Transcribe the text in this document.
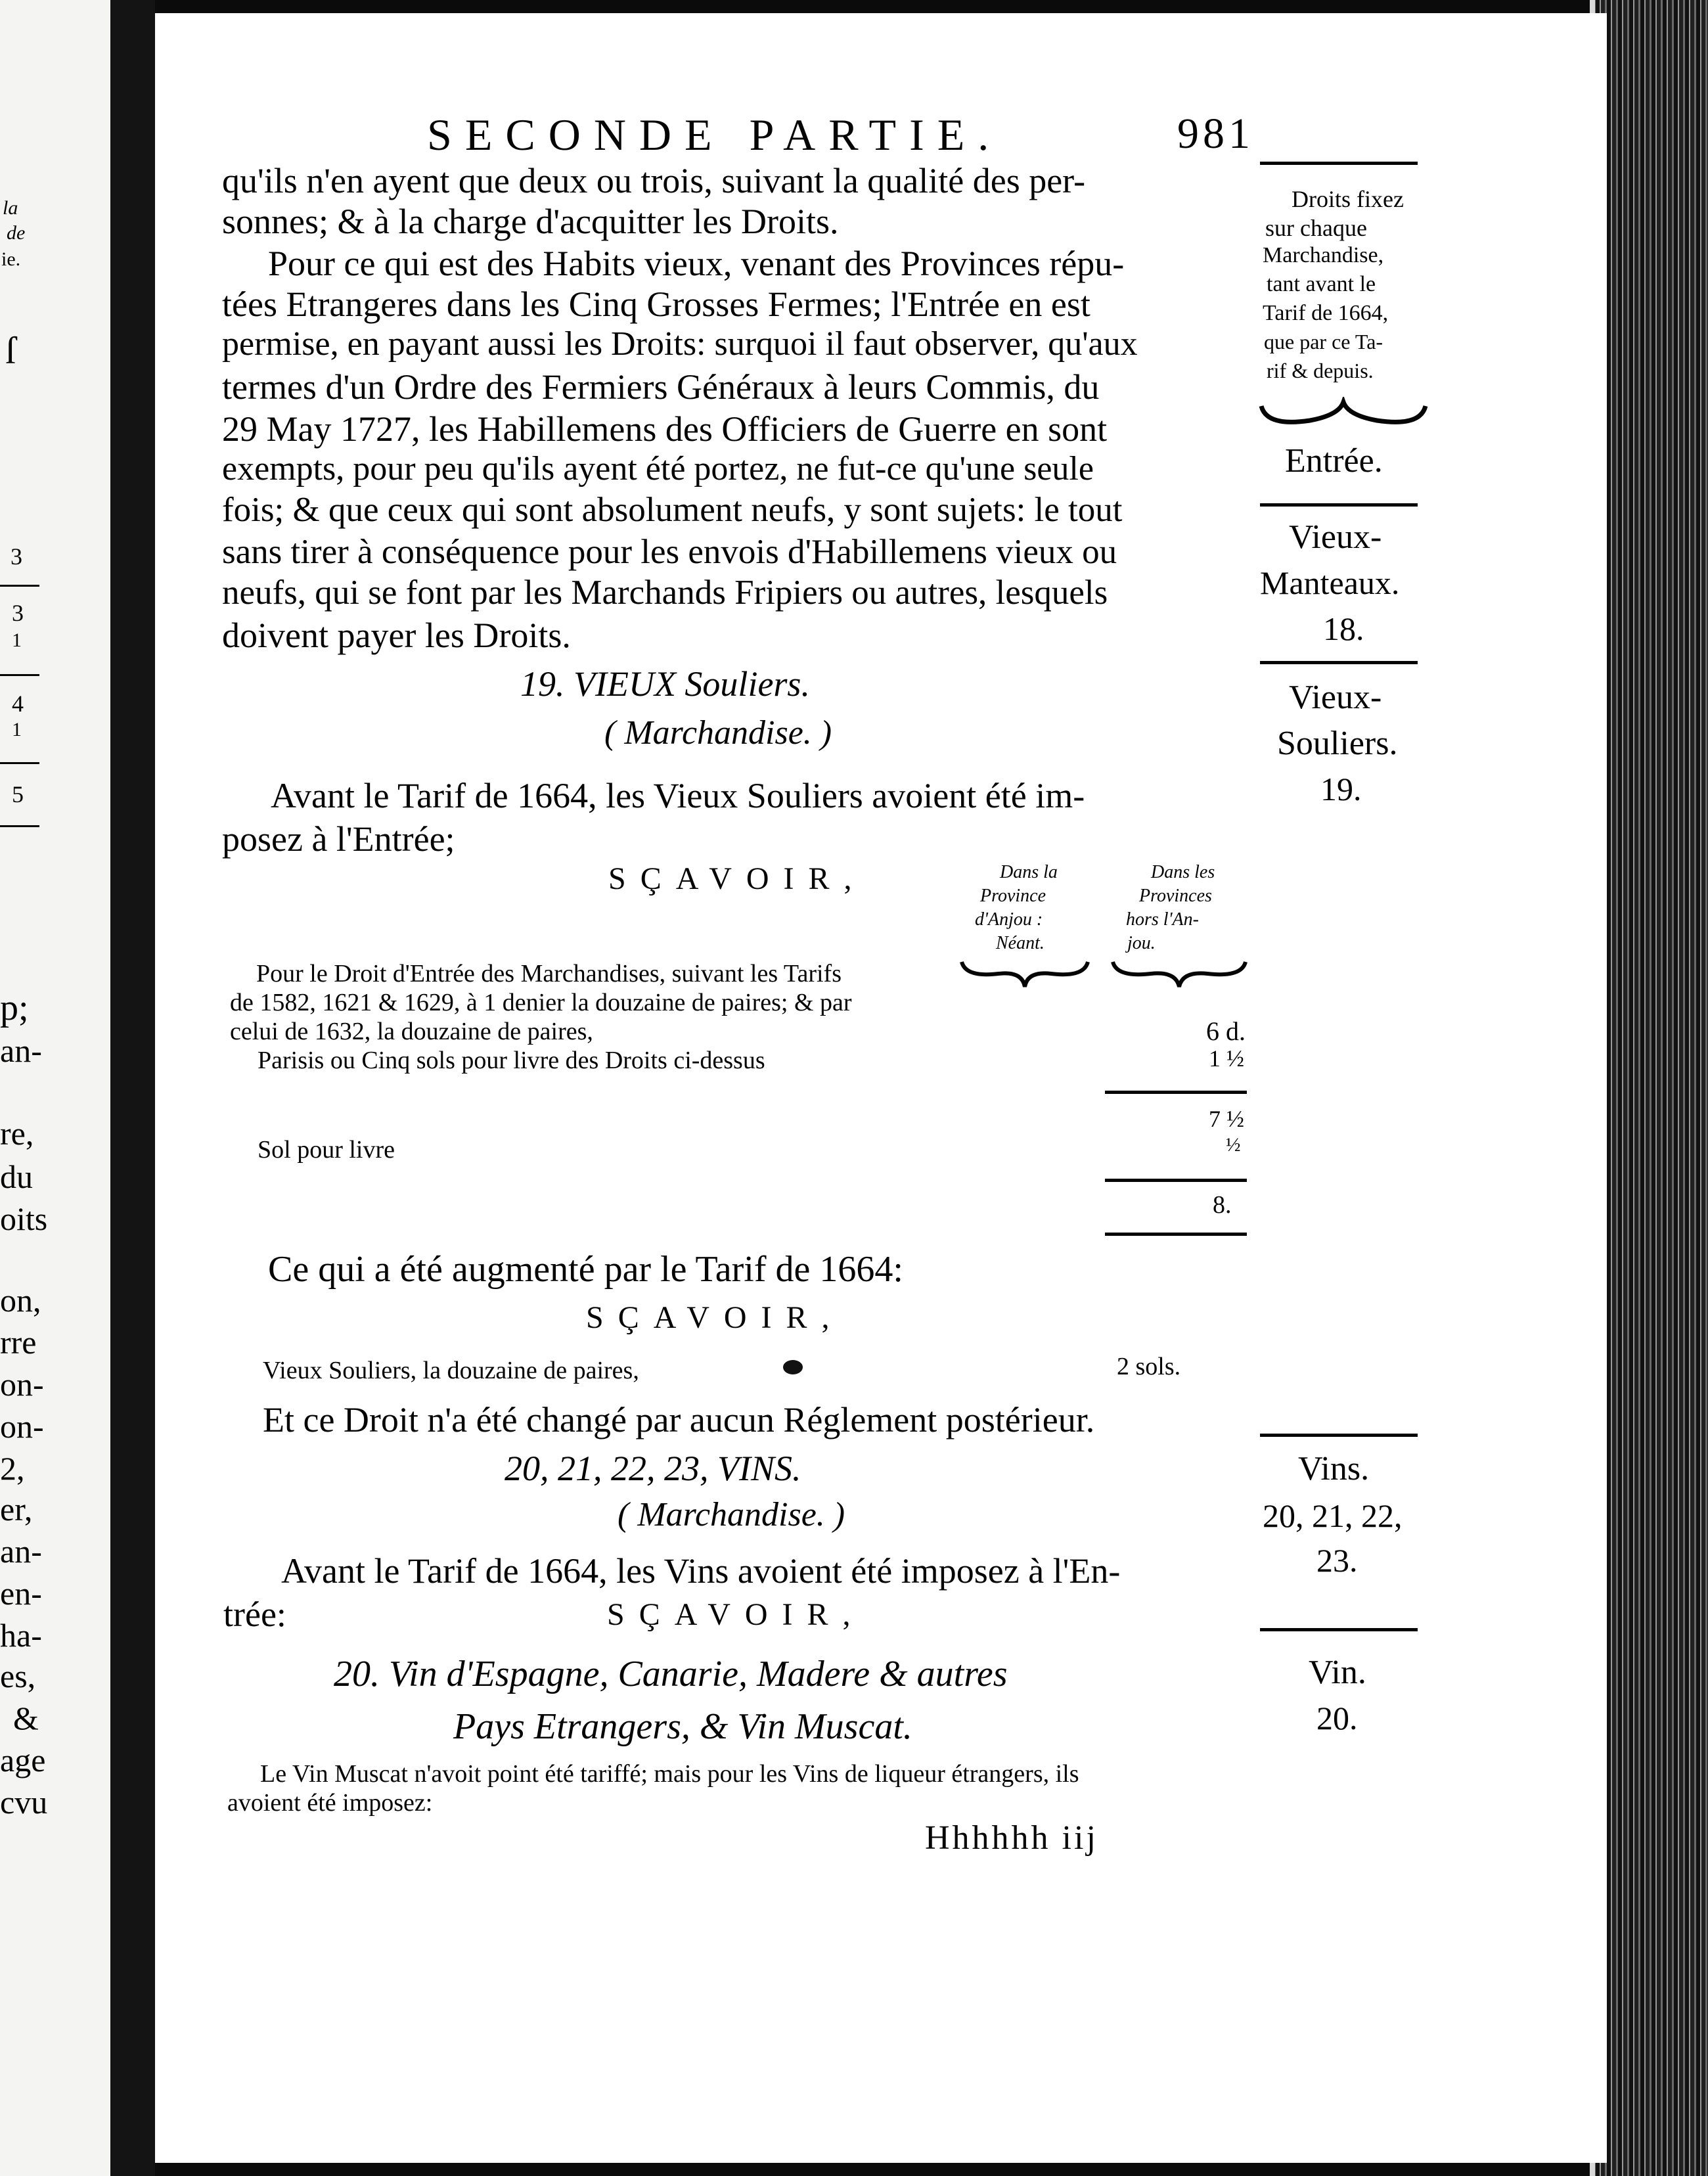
la
de
ie.
ſ
3
3
1
4
1
5
p;
an-
re,
du
oits
on,
rre
on-
on-
2,
er,
an-
en-
ha-
es,
&
age
cvu
SECONDE PARTIE.	981
qu'ils n'en ayent que deux ou trois, suivant la qualité des per-
sonnes; & à la charge d'acquitter les Droits.
Pour ce qui est des Habits vieux, venant des Provinces répu-
tées Etrangeres dans les Cinq Grosses Fermes; l'Entrée en est
permise, en payant aussi les Droits: surquoi il faut observer, qu'aux
termes d'un Ordre des Fermiers Généraux à leurs Commis, du
29 May 1727, les Habillemens des Officiers de Guerre en sont
exempts, pour peu qu'ils ayent été portez, ne fut-ce qu'une seule
fois; & que ceux qui sont absolument neufs, y sont sujets: le tout
sans tirer à conséquence pour les envois d'Habillemens vieux ou
neufs, qui se font par les Marchands Fripiers ou autres, lesquels
doivent payer les Droits.
19. VIEUX Souliers.
( Marchandise. )
Avant le Tarif de 1664, les Vieux Souliers avoient été im-
posez à l'Entrée;
SÇAVOIR,	Dans la
Province
d'Anjou :
Néant.
Dans les
Provinces
hors l'An-
jou.
Pour le Droit d'Entrée des Marchandises, suivant les Tarifs
de 1582, 1621 & 1629, à 1 denier la douzaine de paires; & par
celui de 1632, la douzaine de paires,	6 d.
Parisis ou Cinq sols pour livre des Droits ci-dessus	1 ½
7 ½
Sol pour livre	½
8.
Ce qui a été augmenté par le Tarif de 1664:
SÇAVOIR,
Vieux Souliers, la douzaine de paires,	2 sols.
Et ce Droit n'a été changé par aucun Réglement postérieur.
20, 21, 22, 23, VINS.
( Marchandise. )
Avant le Tarif de 1664, les Vins avoient été imposez à l'En-
trée:	SÇAVOIR,
20. Vin d'Espagne, Canarie, Madere & autres
Pays Etrangers, & Vin Muscat.
Le Vin Muscat n'avoit point été tariffé; mais pour les Vins de liqueur étrangers, ils
avoient été imposez:
Hhhhhh iij
Droits fixez
sur chaque
Marchandise,
tant avant le
Tarif de 1664,
que par ce Ta-
rif & depuis.
Entrée.
Vieux-
Manteaux.
18.
Vieux-
Souliers.
19.
Vins.
20, 21, 22,
23.
Vin.
20.
